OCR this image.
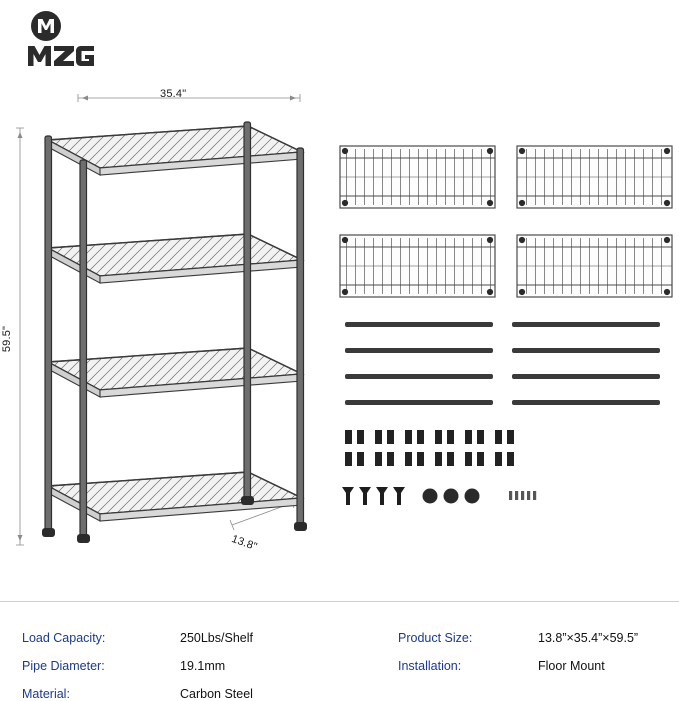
35.4"
59.5"
13.8"
Load Capacity:	250Lbs/Shelf
Pipe Diameter:	19.1mm
Material:	Carbon Steel
Product Size:	13.8”×35.4”×59.5”
Installation:	Floor Mount
